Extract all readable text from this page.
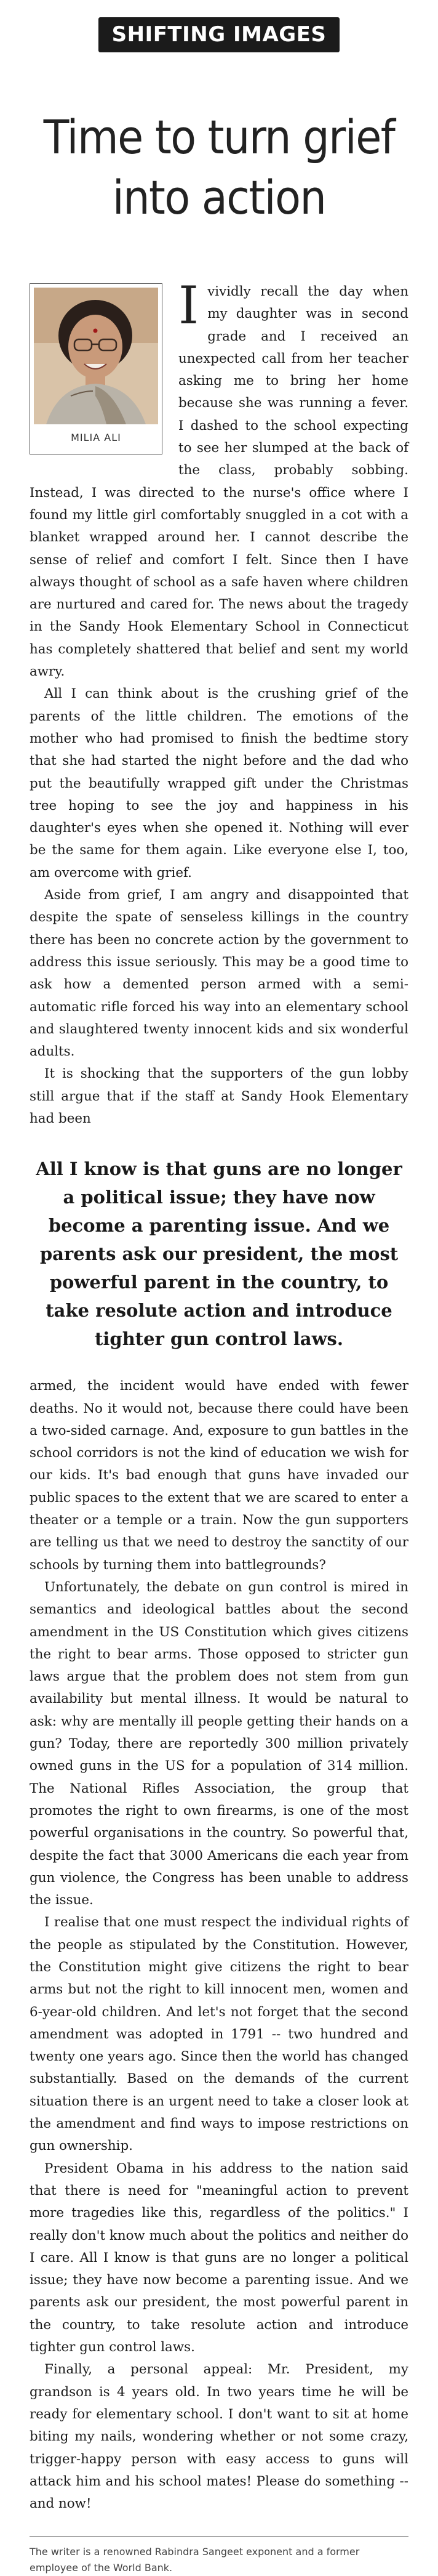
SHIFTING IMAGES
Time to turn grief into action
MILIA ALI

Ivividly recall the day when my daughter was in second grade and I received an unexpected call from her teacher asking me to bring her home because she was running a fever. I dashed to the school expecting to see her slumped at the back of the class, probably sobbing. Instead, I was directed to the nurse's office where I found my little girl comfortably snuggled in a cot with a blanket wrapped around her. I cannot describe the sense of relief and comfort I felt. Since then I have always thought of school as a safe haven where children are nurtured and cared for. The news about the tragedy in the Sandy Hook Elementary School in Connecticut has completely shattered that belief and sent my world awry.

All I can think about is the crushing grief of the parents of the little children. The emotions of the mother who had promised to finish the bedtime story that she had started the night before and the dad who put the beautifully wrapped gift under the Christmas tree hoping to see the joy and happiness in his daughter's eyes when she opened it. Nothing will ever be the same for them again. Like everyone else I, too, am overcome with grief.

Aside from grief, I am angry and disappointed that despite the spate of senseless killings in the country there has been no concrete action by the government to address this issue seriously. This may be a good time to ask how a demented person armed with a semi-automatic rifle forced his way into an elementary school and slaughtered twenty innocent kids and six wonderful adults.

It is shocking that the supporters of the gun lobby still argue that if the staff at Sandy Hook Elementary had been

All I know is that guns are no longer a political issue; they have now become a parenting issue. And we parents ask our president, the most powerful parent in the country, to take resolute action and introduce tighter gun control laws.

armed, the incident would have ended with fewer deaths. No it would not, because there could have been a two-sided carnage. And, exposure to gun battles in the school corridors is not the kind of education we wish for our kids. It's bad enough that guns have invaded our public spaces to the extent that we are scared to enter a theater or a temple or a train. Now the gun supporters are telling us that we need to destroy the sanctity of our schools by turning them into battlegrounds?

Unfortunately, the debate on gun control is mired in semantics and ideological battles about the second amendment in the US Constitution which gives citizens the right to bear arms. Those opposed to stricter gun laws argue that the problem does not stem from gun availability but mental illness. It would be natural to ask: why are mentally ill people getting their hands on a gun? Today, there are reportedly 300 million privately owned guns in the US for a population of 314 million. The National Rifles Association, the group that promotes the right to own firearms, is one of the most powerful organisations in the country. So powerful that, despite the fact that 3000 Americans die each year from gun violence, the Congress has been unable to address the issue.

I realise that one must respect the individual rights of the people as stipulated by the Constitution. However, the Constitution might give citizens the right to bear arms but not the right to kill innocent men, women and 6-year-old children. And let's not forget that the second amendment was adopted in 1791 -- two hundred and twenty one years ago. Since then the world has changed substantially. Based on the demands of the current situation there is an urgent need to take a closer look at the amendment and find ways to impose restrictions on gun ownership.

President Obama in his address to the nation said that there is need for "meaningful action to prevent more tragedies like this, regardless of the politics." I really don't know much about the politics and neither do I care. All I know is that guns are no longer a political issue; they have now become a parenting issue. And we parents ask our president, the most powerful parent in the country, to take resolute action and introduce tighter gun control laws.

Finally, a personal appeal: Mr. President, my grandson is 4 years old. In two years time he will be ready for elementary school. I don't want to sit at home biting my nails, wondering whether or not some crazy, trigger-happy person with easy access to guns will attack him and his school mates! Please do something -- and now!

The writer is a renowned Rabindra Sangeet exponent and a former employee of the World Bank.
